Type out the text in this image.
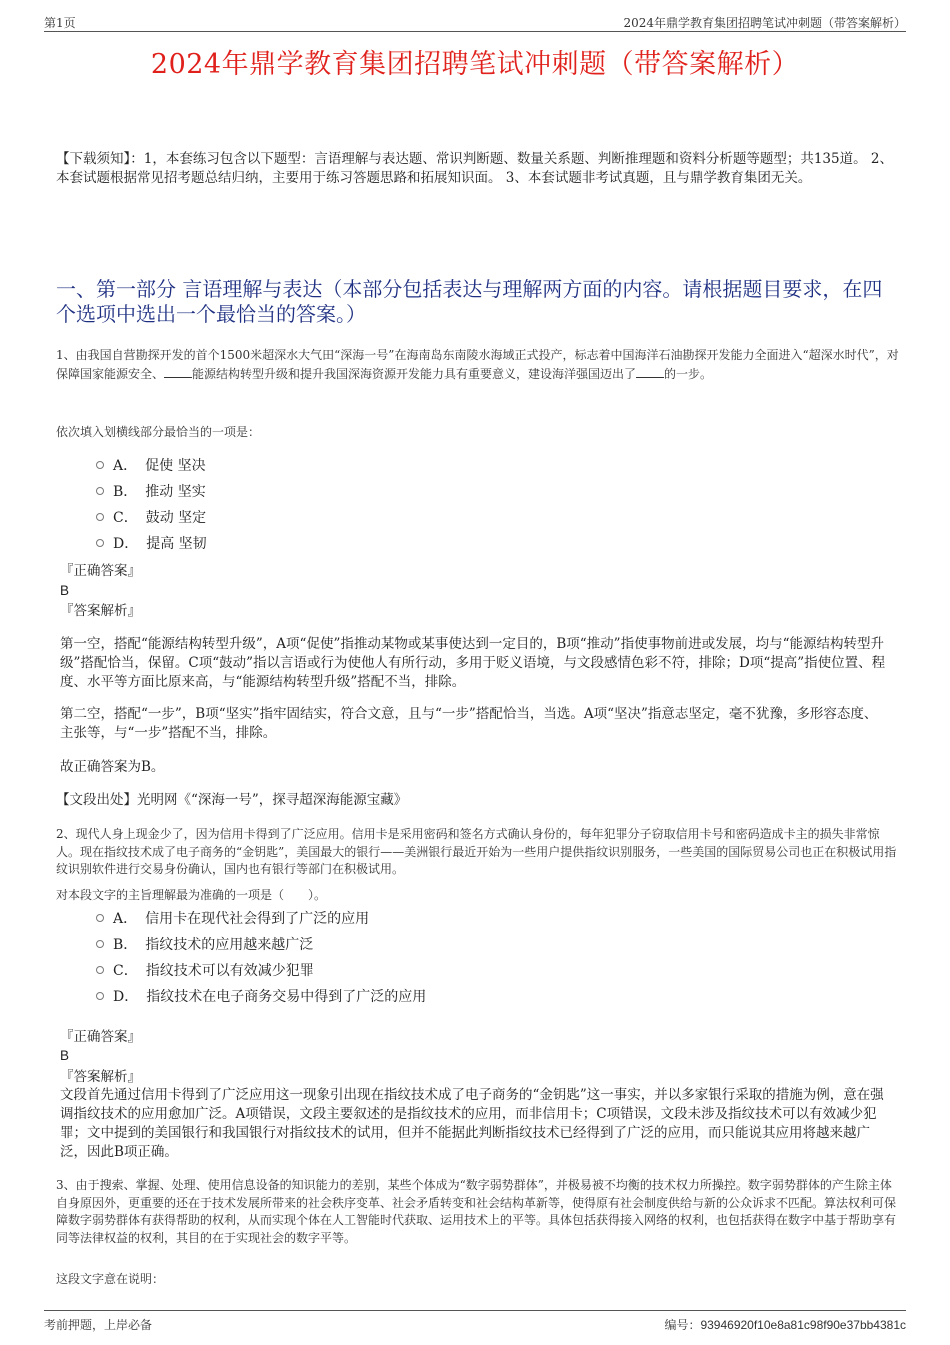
第1页	2024年鼎学教育集团招聘笔试冲刺题（带答案解析）
2024年鼎学教育集团招聘笔试冲刺题（带答案解析）
【下载须知】：1，本套练习包含以下题型：言语理解与表达题、常识判断题、数量关系题、判断推理题和资料分析题等题型；共135道。 2、本套试题根据常见招考题总结归纳，主要用于练习答题思路和拓展知识面。 3、本套试题非考试真题，且与鼎学教育集团无关。
一、第一部分 言语理解与表达（本部分包括表达与理解两方面的内容。请根据题目要求，在四个选项中选出一个最恰当的答案。）
1、由我国自营勘探开发的首个1500米超深水大气田“深海一号”在海南岛东南陵水海域正式投产，标志着中国海洋石油勘探开发能力全面进入“超深水时代”，对保障国家能源安全、 能源结构转型升级和提升我国深海资源开发能力具有重要意义，建设海洋强国迈出了 的一步。
依次填入划横线部分最恰当的一项是：
A． 促使 坚决
B． 推动 坚实
C． 鼓动 坚定
D． 提高 坚韧
『正确答案』
B
『答案解析』
第一空，搭配“能源结构转型升级”，A项“促使”指推动某物或某事使达到一定目的，B项“推动”指使事物前进或发展，均与“能源结构转型升级”搭配恰当，保留。C项“鼓动”指以言语或行为使他人有所行动，多用于贬义语境，与文段感情色彩不符，排除；D项“提高”指使位置、程度、水平等方面比原来高，与“能源结构转型升级”搭配不当，排除。
第二空，搭配“一步”，B项“坚实”指牢固结实，符合文意，且与“一步”搭配恰当，当选。A项“坚决”指意志坚定，毫不犹豫，多形容态度、主张等，与“一步”搭配不当，排除。
故正确答案为B。
【文段出处】光明网《“深海一号”，探寻超深海能源宝藏》
2、现代人身上现金少了，因为信用卡得到了广泛应用。信用卡是采用密码和签名方式确认身份的，每年犯罪分子窃取信用卡号和密码造成卡主的损失非常惊人。现在指纹技术成了电子商务的“金钥匙”，美国最大的银行——美洲银行最近开始为一些用户提供指纹识别服务，一些美国的国际贸易公司也正在积极试用指纹识别软件进行交易身份确认，国内也有银行等部门在积极试用。
对本段文字的主旨理解最为准确的一项是（　　）。
A． 信用卡在现代社会得到了广泛的应用
B． 指纹技术的应用越来越广泛
C． 指纹技术可以有效减少犯罪
D． 指纹技术在电子商务交易中得到了广泛的应用
『正确答案』
B
『答案解析』
文段首先通过信用卡得到了广泛应用这一现象引出现在指纹技术成了电子商务的“金钥匙”这一事实，并以多家银行采取的措施为例，意在强调指纹技术的应用愈加广泛。A项错误，文段主要叙述的是指纹技术的应用，而非信用卡；C项错误，文段未涉及指纹技术可以有效减少犯罪；文中提到的美国银行和我国银行对指纹技术的试用，但并不能据此判断指纹技术已经得到了广泛的应用，而只能说其应用将越来越广泛，因此B项正确。
3、由于搜索、掌握、处理、使用信息设备的知识能力的差别，某些个体成为“数字弱势群体”，并极易被不均衡的技术权力所操控。数字弱势群体的产生除主体自身原因外，更重要的还在于技术发展所带来的社会秩序变革、社会矛盾转变和社会结构革新等，使得原有社会制度供给与新的公众诉求不匹配。算法权利可保障数字弱势群体有获得帮助的权利，从而实现个体在人工智能时代获取、运用技术上的平等。具体包括获得接入网络的权利，也包括获得在数字中基于帮助享有同等法律权益的权利，其目的在于实现社会的数字平等。
这段文字意在说明：
考前押题，上岸必备	编号：93946920f10e8a81c98f90e37bb4381c
